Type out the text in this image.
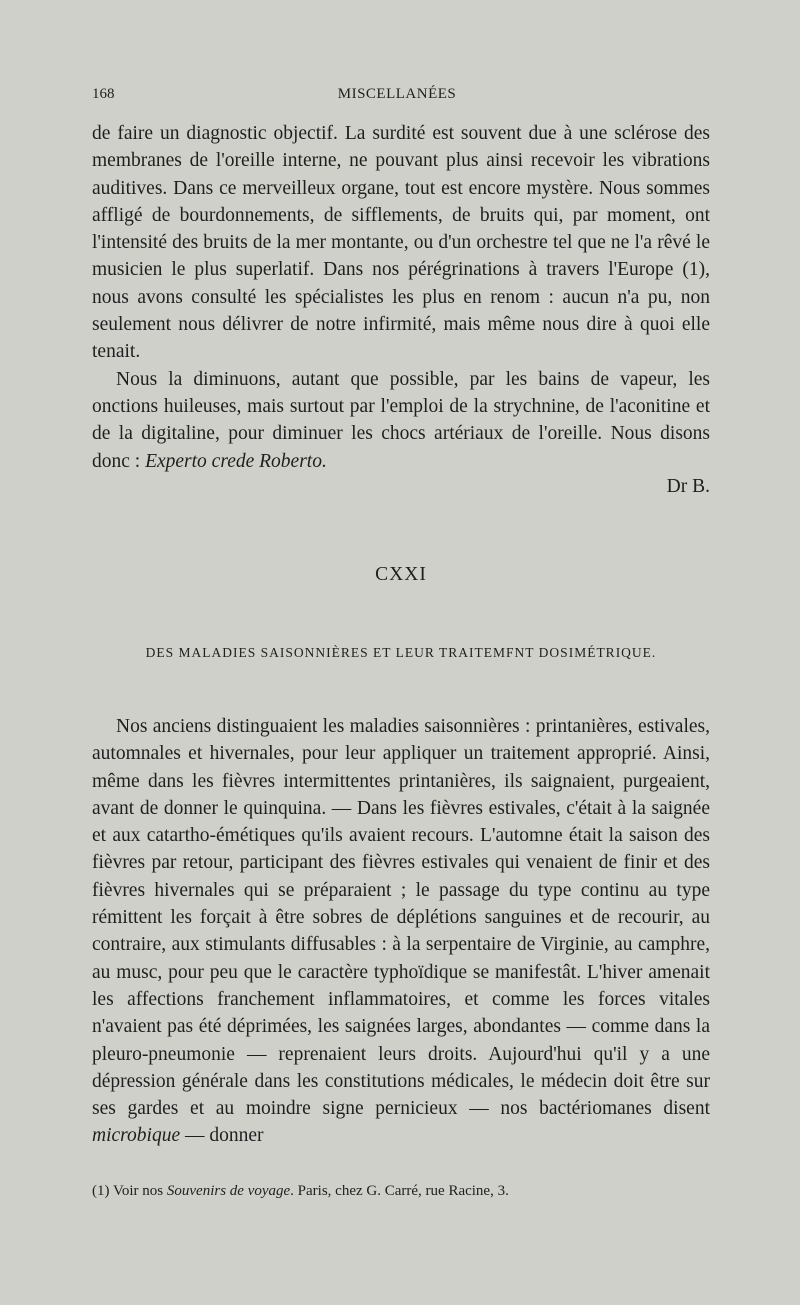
168	MISCELLANÉES

de faire un diagnostic objectif. La surdité est souvent due à une sclérose des membranes de l'oreille interne, ne pouvant plus ainsi recevoir les vibrations auditives. Dans ce merveilleux organe, tout est encore mystère. Nous sommes affligé de bourdonnements, de sifflements, de bruits qui, par moment, ont l'intensité des bruits de la mer montante, ou d'un orchestre tel que ne l'a rêvé le musicien le plus superlatif. Dans nos pérégrinations à travers l'Europe (1), nous avons consulté les spécialistes les plus en renom : aucun n'a pu, non seulement nous délivrer de notre infirmité, mais même nous dire à quoi elle tenait.

Nous la diminuons, autant que possible, par les bains de vapeur, les onctions huileuses, mais surtout par l'emploi de la strychnine, de l'aconitine et de la digitaline, pour diminuer les chocs artériaux de l'oreille. Nous disons donc : Experto crede Roberto.

Dr B.
CXXI
DES MALADIES SAISONNIÈRES ET LEUR TRAITEMFNT DOSIMÉTRIQUE.

Nos anciens distinguaient les maladies saisonnières : printanières, estivales, automnales et hivernales, pour leur appliquer un traitement approprié. Ainsi, même dans les fièvres intermittentes printanières, ils saignaient, purgeaient, avant de donner le quinquina. — Dans les fièvres estivales, c'était à la saignée et aux catartho-émétiques qu'ils avaient recours. L'automne était la saison des fièvres par retour, participant des fièvres estivales qui venaient de finir et des fièvres hivernales qui se préparaient ; le passage du type continu au type rémittent les forçait à être sobres de déplétions sanguines et de recourir, au contraire, aux stimulants diffusables : à la serpentaire de Virginie, au camphre, au musc, pour peu que le caractère typhoïdique se manifestât. L'hiver amenait les affections franchement inflammatoires, et comme les forces vitales n'avaient pas été déprimées, les saignées larges, abondantes — comme dans la pleuro-pneumonie — reprenaient leurs droits. Aujourd'hui qu'il y a une dépression générale dans les constitutions médicales, le médecin doit être sur ses gardes et au moindre signe pernicieux — nos bactériomanes disent microbique — donner

(1) Voir nos Souvenirs de voyage. Paris, chez G. Carré, rue Racine, 3.
